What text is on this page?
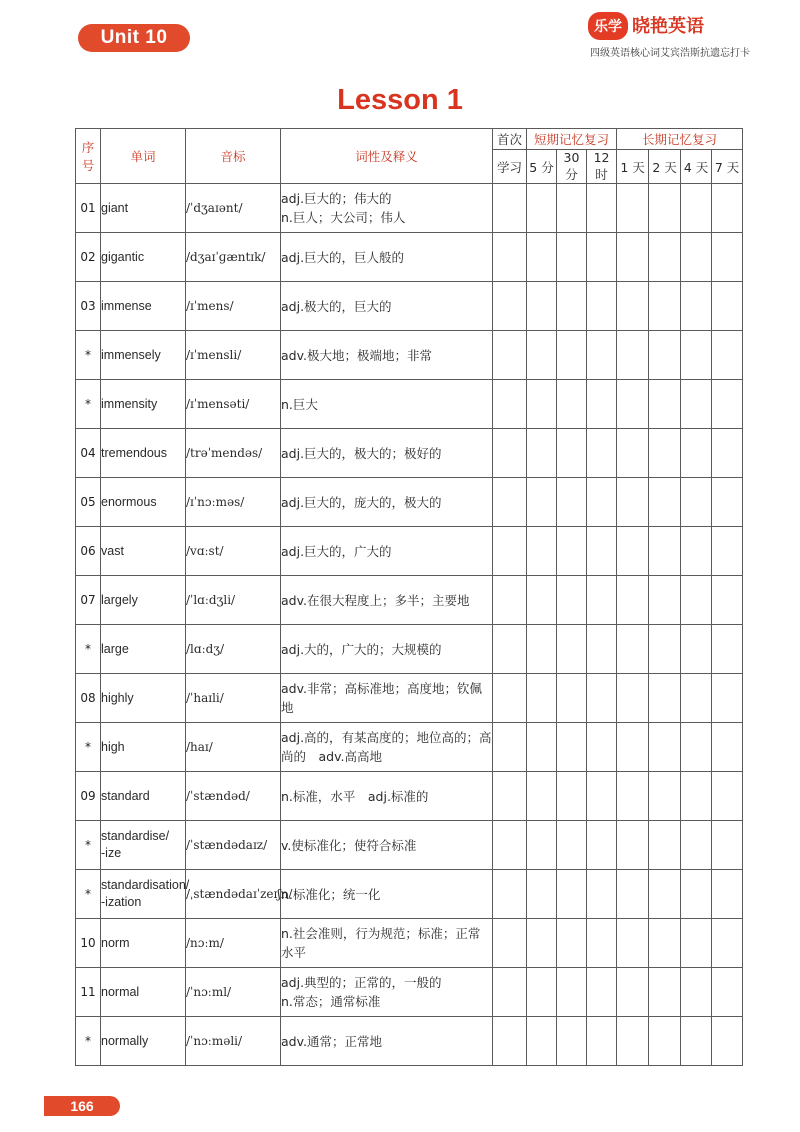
Unit 10	乐学 晓艳英语
四级英语核心词艾宾浩斯抗遗忘打卡
Lesson 1
序号	单词	音标	词性及释义	首次	短期记忆复习			长期记忆复习			
				学习	5 分	30 分	12 时	1 天	2 天	4 天	7 天
01	giant	/ˈdʒaɪənt/	adj.巨大的；伟大的
n.巨人；大公司；伟人								
02	gigantic	/dʒaɪˈɡæntɪk/	adj.巨大的，巨人般的								
03	immense	/ɪˈmens/	adj.极大的，巨大的								
*	immensely	/ɪˈmensli/	adv.极大地；极端地；非常								
*	immensity	/ɪˈmensəti/	n.巨大								
04	tremendous	/trəˈmendəs/	adj.巨大的，极大的；极好的								
05	enormous	/ɪˈnɔːməs/	adj.巨大的，庞大的，极大的								
06	vast	/vɑːst/	adj.巨大的，广大的								
07	largely	/ˈlɑːdʒli/	adv.在很大程度上；多半；主要地								
*	large	/lɑːdʒ/	adj.大的，广大的；大规模的								
08	highly	/ˈhaɪli/	adv.非常；高标准地；高度地；钦佩地								
*	high	/haɪ/	adj.高的，有某高度的；地位高的；高
尚的　adv.高高地								
09	standard	/ˈstændəd/	n.标准，水平　adj.标准的								
*	standardise/
-ize	/ˈstændədaɪz/	v.使标准化；使符合标准								
*	standardisation/
-ization	/ˌstændədaɪˈzeɪʃn/	n.标准化；统一化								
10	norm	/nɔːm/	n.社会准则，行为规范；标准；正常
水平								
11	normal	/ˈnɔːml/	adj.典型的；正常的，一般的
n.常态；通常标准								
*	normally	/ˈnɔːməli/	adv.通常；正常地								
166
